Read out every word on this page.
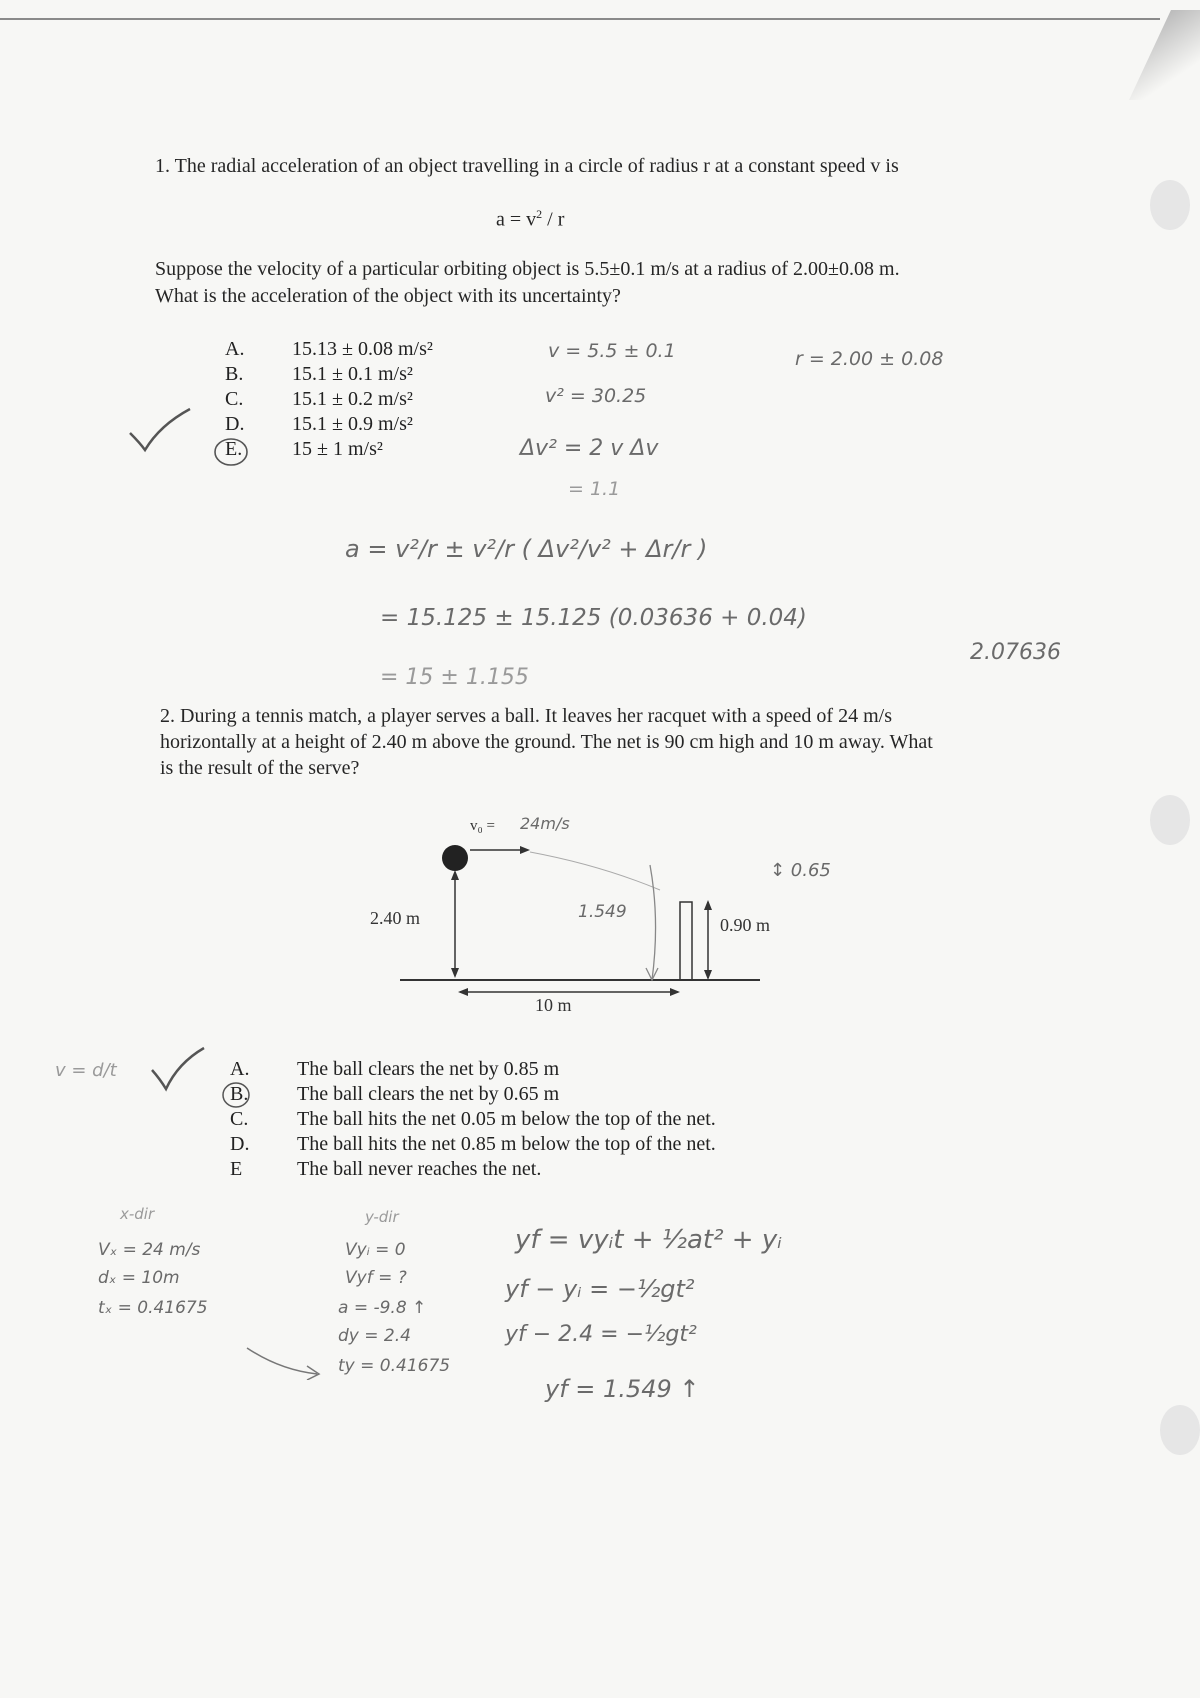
1. The radial acceleration of an object travelling in a circle of radius r at a constant speed v is
$a = v^2 / r$
Suppose the velocity of a particular orbiting object is 5.5±0.1 m/s at a radius of 2.00±0.08 m.
What is the acceleration of the object with its uncertainty?
A. 15.13 ± 0.08 m/s²
B. 15.1 ± 0.1 m/s²
C. 15.1 ± 0.2 m/s²
D. 15.1 ± 0.9 m/s²
E. 15 ± 1 m/s²
v = 5.5 ± 0.1	r = 2.00 ± 0.08
v² = 30.25
Δv² = 2 v Δv
= 1.1
a = v²/r ± v²/r ( Δv²/v² + Δr/r )
= 15.125 ± 15.125 (0.03636 + 0.04)
= 15 ± 1.155
2.07636
2. During a tennis match, a player serves a ball. It leaves her racquet with a speed of 24 m/s
horizontally at a height of 2.40 m above the ground. The net is 90 cm high and 10 m away. What
is the result of the serve?
v₀ = 24m/s
2.40 m	0.90 m
10 m
1.549
↕ 0.65
A. The ball clears the net by 0.85 m
B. The ball clears the net by 0.65 m
C. The ball hits the net 0.05 m below the top of the net.
D. The ball hits the net 0.85 m below the top of the net.
E	The ball never reaches the net.
v = d/t
x-dir
Vₓ = 24 m/s
dₓ = 10m
tₓ = 0.41675
y-dir
Vyᵢ = 0
Vyf = ?
a = -9.8 ↑
dy = 2.4
ty = 0.41675
yf = vyᵢt + ½at² + yᵢ
yf − yᵢ = −½gt²
yf − 2.4 = −½gt²
yf = 1.549 ↑
